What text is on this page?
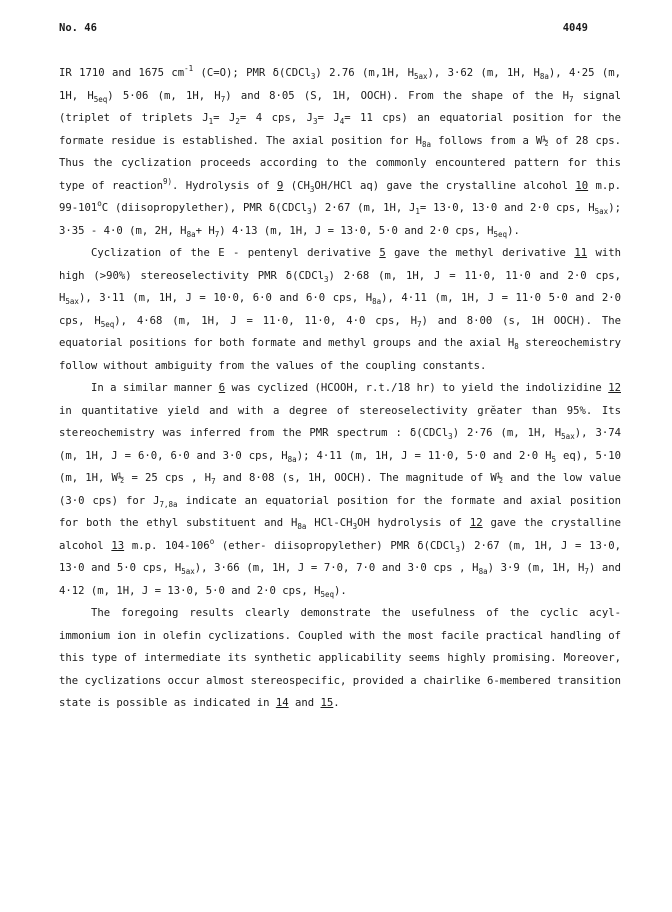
No. 46	4049

IR 1710 and 1675 $cm^{-1}$ (C=O); PMR δ(CDCl$_3$) 2.76 (m,1H, $H_{5ax}$), 3·62 (m, 1H, $H_{8a}$), 4·25 (m, 1H, $H_{5eq}$) 5·06 (m, 1H, $H_7$) and 8·05 (S, 1H, OOCH). From the shape of the $H_7$ signal (triplet of triplets $J_1= J_2= 4$ cps, $J_3= J_4= 11$ cps) an equatorial position for the formate residue is established. The axial position for $H_{8a}$ follows from a W½ of 28 cps. Thus the cyclization proceeds according to the commonly encountered pattern for this type of reaction$^{9)}$. Hydrolysis of 9 ($CH_3OH$/HCl aq) gave the crystalline alcohol 10 m.p. 99-101$^o$C (diisopropylether), PMR δ(CDCl$_3$) 2·67 (m, 1H, $J_1= 13\cdot 0$, 13·0 and 2·0 cps, $H_{5ax}$); 3·35 - 4·0 (m, 2H, $H_{8a}+ H_7$) 4·13 (m, 1H, J = 13·0, 5·0 and 2·0 cps, $H_{5eq}$).

Cyclization of the E - pentenyl derivative 5 gave the methyl derivative 11 with high (>90%) stereoselectivity PMR δ(CDCl$_3$) 2·68 (m, 1H, J = 11·0, 11·0 and 2·0 cps, $H_{5ax}$), 3·11 (m, 1H, J = 10·0, 6·0 and 6·0 cps, $H_{8a}$), 4·11 (m, 1H, J = 11·0 5·0 and 2·0 cps, $H_{5eq}$), 4·68 (m, 1H, J = 11·0, 11·0, 4·0 cps, $H_7$) and 8·00 (s, 1H OOCH). The equatorial positions for both formate and methyl groups and the axial $H_8$ stereochemistry follow without ambiguity from the values of the coupling constants.

In a similar manner 6 was cyclized (HCOOH, r.t./18 hr) to yield the indolizidine 12 in quantitative yield and with a degree of stereoselectivity grĕater than 95%. Its stereochemistry was inferred from the PMR spectrum : δ(CDCl$_3$) 2·76 (m, 1H, $H_{5ax}$), 3·74 (m, 1H, J = 6·0, 6·0 and 3·0 cps, $H_{8a}$); 4·11 (m, 1H, J = 11·0, 5·0 and 2·0 $H_5$ eq), 5·10 (m, 1H, W½ = 25 cps , $H_7$ and 8·08 (s, 1H, OOCH). The magnitude of W½ and the low value (3·0 cps) for $J_{7,8a}$ indicate an equatorial position for the formate and axial position for both the ethyl substituent and $H_{8a}$ HCl-$CH_3OH$ hydrolysis of 12 gave the crystalline alcohol 13 m.p. 104-106$^o$ (ether- diisopropylether) PMR δ(CDCl$_3$) 2·67 (m, 1H, J = 13·0, 13·0 and 5·0 cps, $H_{5ax}$), 3·66 (m, 1H, J = 7·0, 7·0 and 3·0 cps , $H_{8a}$) 3·9 (m, 1H, $H_7$) and 4·12 (m, 1H, J = 13·0, 5·0 and 2·0 cps, $H_{5eq}$).

The foregoing results clearly demonstrate the usefulness of the cyclic acyl-immonium ion in olefin cyclizations. Coupled with the most facile practical handling of this type of intermediate its synthetic applicability seems highly promising. Moreover, the cyclizations occur almost stereospecific, provided a chairlike 6-membered transition state is possible as indicated in 14 and 15.
